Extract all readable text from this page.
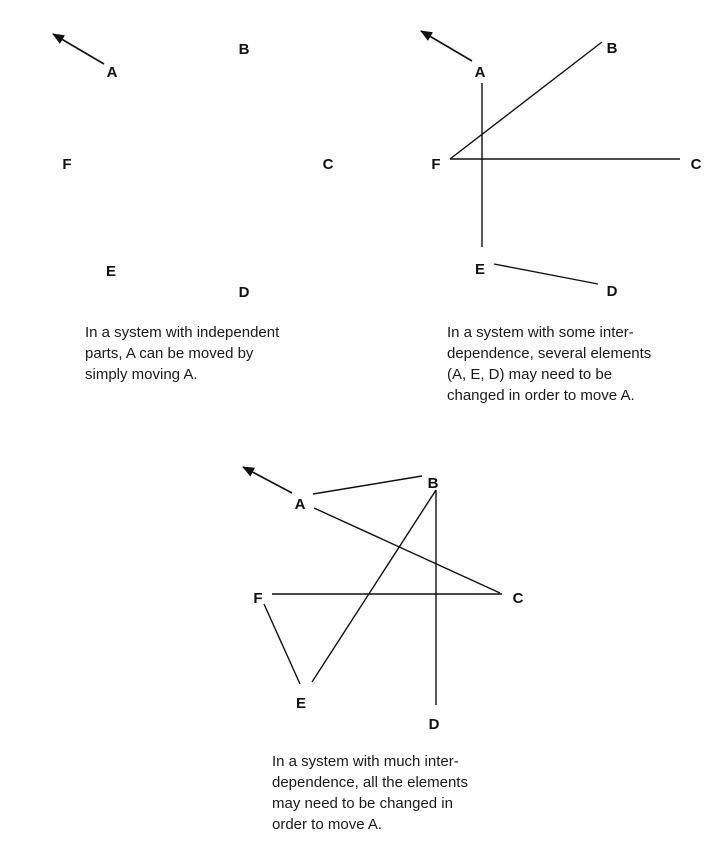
A
B
C
D
E
F
A
B
C
D
E
F
A
B
C
D
E
F

In a system with independent
parts, A can be moved by
simply moving A.

In a system with some inter-
dependence, several elements
(A, E, D) may need to be
changed in order to move A.

In a system with much inter-
dependence, all the elements
may need to be changed in
order to move A.
